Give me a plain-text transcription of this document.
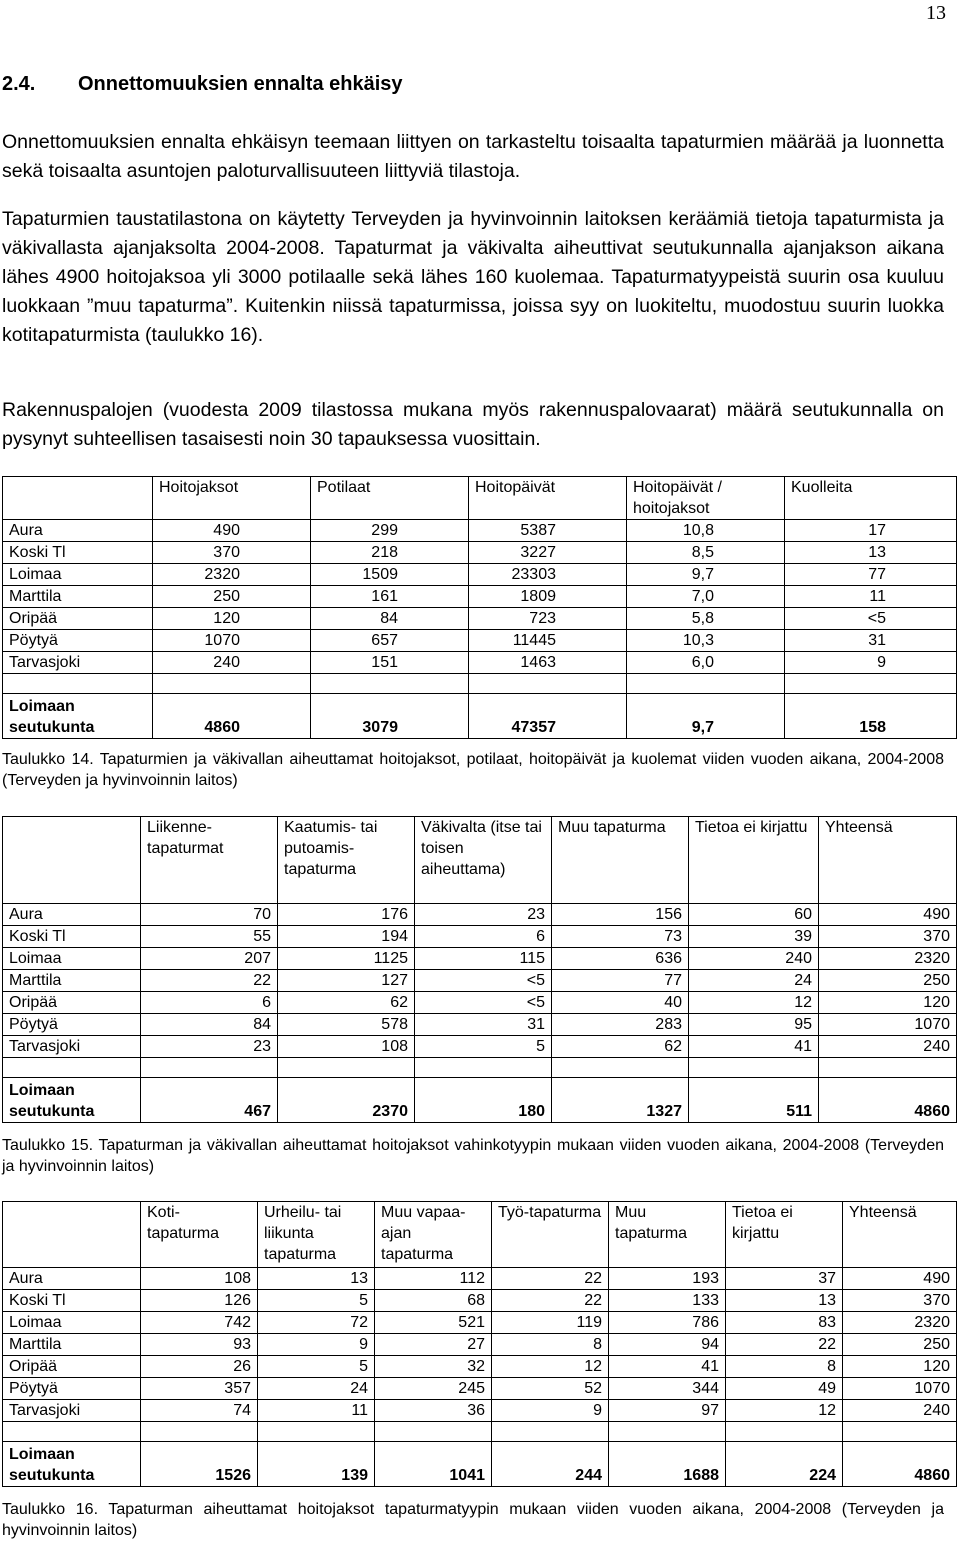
13
2.4. Onnettomuuksien ennalta ehkäisy

Onnettomuuksien ennalta ehkäisyn teemaan liittyen on tarkasteltu toisaalta tapaturmien määrää ja luonnetta sekä toisaalta asuntojen paloturvallisuuteen liittyviä tilastoja.

Tapaturmien taustatilastona on käytetty Terveyden ja hyvinvoinnin laitoksen keräämiä tietoja tapaturmista ja väkivallasta ajanjaksolta 2004-2008. Tapaturmat ja väkivalta aiheuttivat seutukunnalla ajanjakson aikana lähes 4900 hoitojaksoa yli 3000 potilaalle sekä lähes 160 kuolemaa. Tapaturmatyypeistä suurin osa kuuluu luokkaan ”muu tapaturma”. Kuitenkin niissä tapaturmissa, joissa syy on luokiteltu, muodostuu suurin luokka kotitapaturmista (taulukko 16).

Rakennuspalojen (vuodesta 2009 tilastossa mukana myös rakennuspalovaarat) määrä seutukunnalla on pysynyt suhteellisen tasaisesti noin 30 tapauksessa vuosittain.

	Hoitojaksot	Potilaat	Hoitopäivät	Hoitopäivät / hoitojaksot	Kuolleita
Aura	490	299	5387	10,8	17
Koski Tl	370	218	3227	8,5	13
Loimaa	2320	1509	23303	9,7	77
Marttila	250	161	1809	7,0	11
Oripää	120	84	723	5,8	<5
Pöytyä	1070	657	11445	10,3	31
Tarvasjoki	240	151	1463	6,0	9

Loimaan seutukunta	4860	3079	47357	9,7	158

Taulukko 14. Tapaturmien ja väkivallan aiheuttamat hoitojaksot, potilaat, hoitopäivät ja kuolemat viiden vuoden aikana, 2004-2008 (Terveyden ja hyvinvoinnin laitos)

	Liikenne-tapaturmat	Kaatumis- tai putoamis-tapaturma	Väkivalta (itse tai toisen aiheuttama)	Muu tapaturma	Tietoa ei kirjattu	Yhteensä
Aura	70	176	23	156	60	490
Koski Tl	55	194	6	73	39	370
Loimaa	207	1125	115	636	240	2320
Marttila	22	127	<5	77	24	250
Oripää	6	62	<5	40	12	120
Pöytyä	84	578	31	283	95	1070
Tarvasjoki	23	108	5	62	41	240

Loimaan seutukunta	467	2370	180	1327	511	4860

Taulukko 15. Tapaturman ja väkivallan aiheuttamat hoitojaksot vahinkotyypin mukaan viiden vuoden aikana, 2004-2008 (Terveyden ja hyvinvoinnin laitos)

	Koti-tapaturma	Urheilu- tai liikunta tapaturma	Muu vapaa-ajan tapaturma	Työ-tapaturma	Muu tapaturma	Tietoa ei kirjattu	Yhteensä
Aura	108	13	112	22	193	37	490
Koski Tl	126	5	68	22	133	13	370
Loimaa	742	72	521	119	786	83	2320
Marttila	93	9	27	8	94	22	250
Oripää	26	5	32	12	41	8	120
Pöytyä	357	24	245	52	344	49	1070
Tarvasjoki	74	11	36	9	97	12	240

Loimaan seutukunta	1526	139	1041	244	1688	224	4860

Taulukko 16. Tapaturman aiheuttamat hoitojaksot tapaturmatyypin mukaan viiden vuoden aikana, 2004-2008 (Terveyden ja hyvinvoinnin laitos)
